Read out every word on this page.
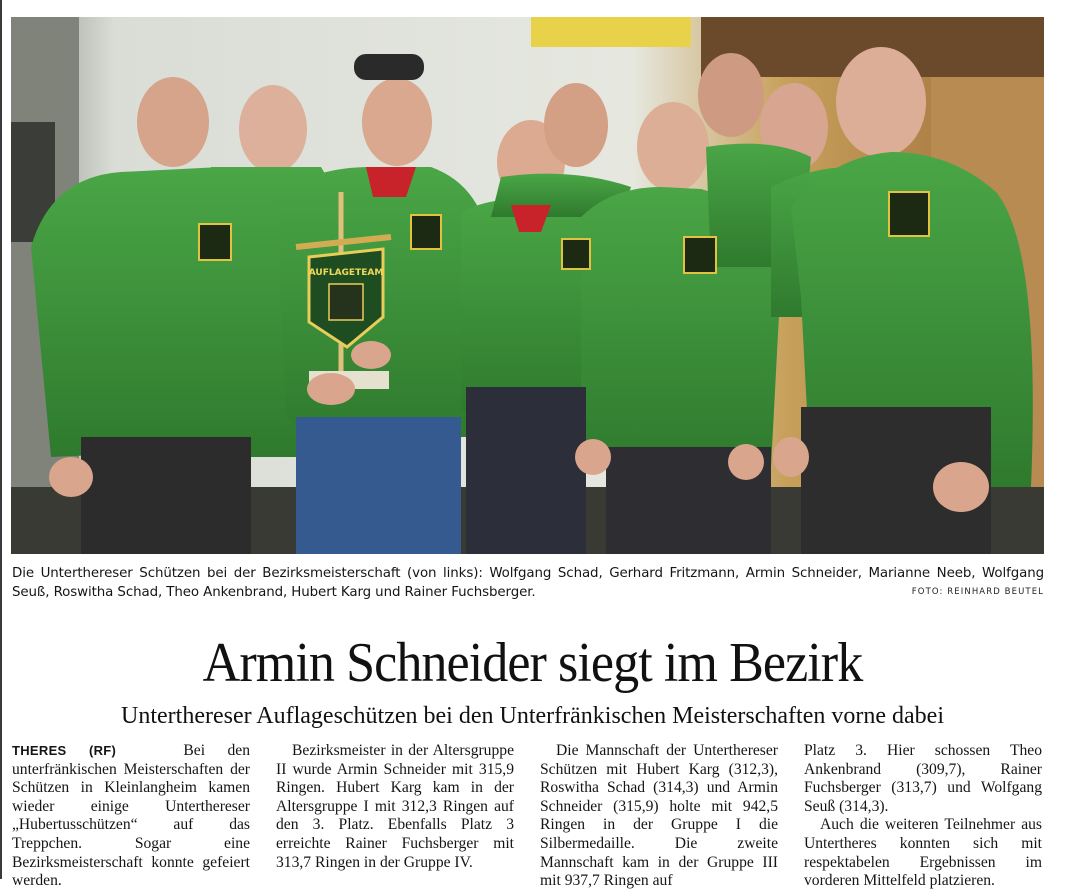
AUFLAGETEAM
Die Unterthereser Schützen bei der Bezirksmeisterschaft (von links): Wolfgang Schad, Gerhard Fritzmann, Armin Schneider, Marianne Neeb, Wolfgang Seuß, Roswitha Schad, Theo Ankenbrand, Hubert Karg und Rainer Fuchsberger.	FOTO: REINHARD BEUTEL
Armin Schneider siegt im Bezirk
Unterthereser Auflageschützen bei den Unterfränkischen Meisterschaften vorne dabei

THERES (RF)	Bei den unterfränkischen Meisterschaften der Schützen in Kleinlangheim kamen wieder einige Unterthereser „Hubertusschützen“ auf das Treppchen. Sogar eine Bezirksmeisterschaft konnte gefeiert werden.

Bezirksmeister in der Altersgruppe II wurde Armin Schneider mit 315,9 Ringen. Hubert Karg kam in der Altersgruppe I mit 312,3 Ringen auf den 3. Platz. Ebenfalls Platz 3 erreichte Rainer Fuchsberger mit 313,7 Ringen in der Gruppe IV.

Die Mannschaft der Unterthereser Schützen mit Hubert Karg (312,3), Roswitha Schad (314,3) und Armin Schneider (315,9) holte mit 942,5 Ringen in der Gruppe I die Silbermedaille. Die zweite Mannschaft kam in der Gruppe III mit 937,7 Ringen auf

Platz 3. Hier schossen Theo Ankenbrand (309,7), Rainer Fuchsberger (313,7) und Wolfgang Seuß (314,3).

Auch die weiteren Teilnehmer aus Untertheres konnten sich mit respektabelen Ergebnissen im vorderen Mittelfeld platzieren.
